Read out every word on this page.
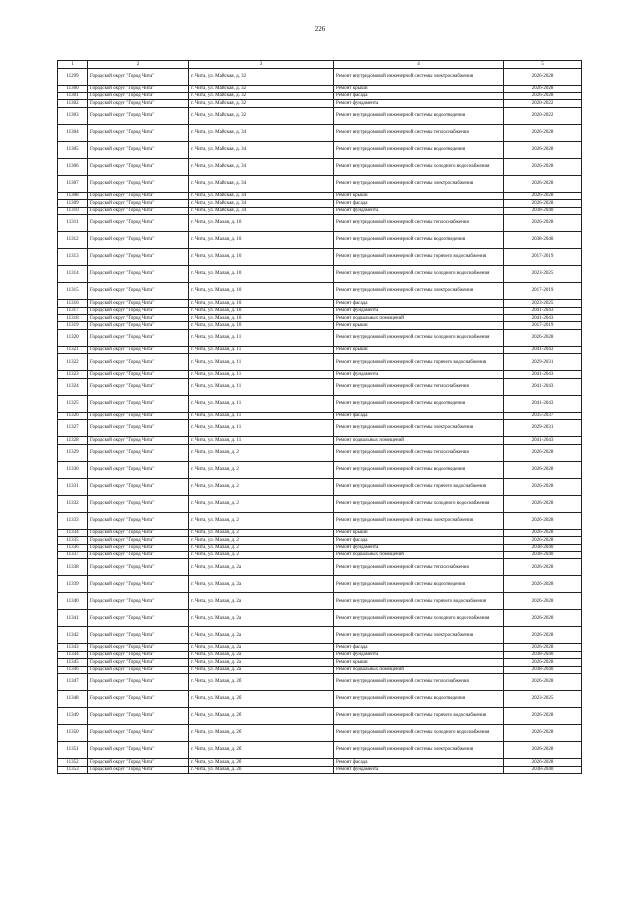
226
1	2	3	4	5
11299	Городской округ "Город Чита"	г. Чита, ул. Майская, д. 32	Ремонт внутридомовой инженерной системы электроснабжения	2026-2028
11300	Городской округ "Город Чита"	г. Чита, ул. Майская, д. 32	Ремонт крыши	2026-2028
11301	Городской округ "Город Чита"	г. Чита, ул. Майская, д. 32	Ремонт фасада	2026-2028
11302	Городской округ "Город Чита"	г. Чита, ул. Майская, д. 32	Ремонт фундамента	2020-2022
11303	Городской округ "Город Чита"	г. Чита, ул. Майская, д. 32	Ремонт внутридомовой инженерной системы водоотведения	2020-2022
11304	Городской округ "Город Чита"	г. Чита, ул. Майская, д. 34	Ремонт внутридомовой инженерной системы теплоснабжения	2026-2028
11305	Городской округ "Город Чита"	г. Чита, ул. Майская, д. 34	Ремонт внутридомовой инженерной системы водоотведения	2026-2028
11306	Городской округ "Город Чита"	г. Чита, ул. Майская, д. 34	Ремонт внутридомовой инженерной системы холодного водоснабжения	2026-2028
11307	Городской округ "Город Чита"	г. Чита, ул. Майская, д. 34	Ремонт внутридомовой инженерной системы электроснабжения	2026-2028
11308	Городской округ "Город Чита"	г. Чита, ул. Майская, д. 34	Ремонт крыши	2026-2028
11309	Городской округ "Город Чита"	г. Чита, ул. Майская, д. 34	Ремонт фасада	2026-2028
11310	Городской округ "Город Чита"	г. Чита, ул. Майская, д. 34	Ремонт фундамента	2038-2040
11311	Городской округ "Город Чита"	г. Чита, ул. Малая, д. 10	Ремонт внутридомовой инженерной системы теплоснабжения	2026-2028
11312	Городской округ "Город Чита"	г. Чита, ул. Малая, д. 10	Ремонт внутридомовой инженерной системы водоотведения	2038-2040
11313	Городской округ "Город Чита"	г. Чита, ул. Малая, д. 10	Ремонт внутридомовой инженерной системы горячего водоснабжения	2017-2019
11314	Городской округ "Город Чита"	г. Чита, ул. Малая, д. 10	Ремонт внутридомовой инженерной системы холодного водоснабжения	2023-2025
11315	Городской округ "Город Чита"	г. Чита, ул. Малая, д. 10	Ремонт внутридомовой инженерной системы электроснабжения	2017-2019
11316	Городской округ "Город Чита"	г. Чита, ул. Малая, д. 10	Ремонт фасада	2023-2025
11317	Городской округ "Город Чита"	г. Чита, ул. Малая, д. 10	Ремонт фундамента	2041-2043
11318	Городской округ "Город Чита"	г. Чита, ул. Малая, д. 10	Ремонт подвальных помещений	2041-2043
11319	Городской округ "Город Чита"	г. Чита, ул. Малая, д. 10	Ремонт крыши	2017-2019
11320	Городской округ "Город Чита"	г. Чита, ул. Малая, д. 11	Ремонт внутридомовой инженерной системы холодного водоснабжения	2026-2028
11321	Городской округ "Город Чита"	г. Чита, ул. Малая, д. 11	Ремонт крыши	2041-2043
11322	Городской округ "Город Чита"	г. Чита, ул. Малая, д. 11	Ремонт внутридомовой инженерной системы горячего водоснабжения	2029-2031
11323	Городской округ "Город Чита"	г. Чита, ул. Малая, д. 11	Ремонт фундамента	2041-2043
11324	Городской округ "Город Чита"	г. Чита, ул. Малая, д. 11	Ремонт внутридомовой инженерной системы теплоснабжения	2041-2043
11325	Городской округ "Город Чита"	г. Чита, ул. Малая, д. 11	Ремонт внутридомовой инженерной системы водоотведения	2041-2043
11326	Городской округ "Город Чита"	г. Чита, ул. Малая, д. 11	Ремонт фасада	2035-2037
11327	Городской округ "Город Чита"	г. Чита, ул. Малая, д. 11	Ремонт внутридомовой инженерной системы электроснабжения	2029-2031
11328	Городской округ "Город Чита"	г. Чита, ул. Малая, д. 11	Ремонт подвальных помещений	2041-2043
11329	Городской округ "Город Чита"	г. Чита, ул. Малая, д. 2	Ремонт внутридомовой инженерной системы теплоснабжения	2026-2028
11330	Городской округ "Город Чита"	г. Чита, ул. Малая, д. 2	Ремонт внутридомовой инженерной системы водоотведения	2026-2028
11331	Городской округ "Город Чита"	г. Чита, ул. Малая, д. 2	Ремонт внутридомовой инженерной системы горячего водоснабжения	2026-2028
11332	Городской округ "Город Чита"	г. Чита, ул. Малая, д. 2	Ремонт внутридомовой инженерной системы холодного водоснабжения	2026-2028
11333	Городской округ "Город Чита"	г. Чита, ул. Малая, д. 2	Ремонт внутридомовой инженерной системы электроснабжения	2026-2028
11334	Городской округ "Город Чита"	г. Чита, ул. Малая, д. 2	Ремонт крыши	2026-2028
11335	Городской округ "Город Чита"	г. Чита, ул. Малая, д. 2	Ремонт фасада	2026-2028
11336	Городской округ "Город Чита"	г. Чита, ул. Малая, д. 2	Ремонт фундамента	2038-2040
11337	Городской округ "Город Чита"	г. Чита, ул. Малая, д. 2	Ремонт подвальных помещений	2038-2040
11338	Городской округ "Город Чита"	г. Чита, ул. Малая, д. 2а	Ремонт внутридомовой инженерной системы теплоснабжения	2026-2028
11339	Городской округ "Город Чита"	г. Чита, ул. Малая, д. 2а	Ремонт внутридомовой инженерной системы водоотведения	2026-2028
11340	Городской округ "Город Чита"	г. Чита, ул. Малая, д. 2а	Ремонт внутридомовой инженерной системы горячего водоснабжения	2026-2028
11341	Городской округ "Город Чита"	г. Чита, ул. Малая, д. 2а	Ремонт внутридомовой инженерной системы холодного водоснабжения	2026-2028
11342	Городской округ "Город Чита"	г. Чита, ул. Малая, д. 2а	Ремонт внутридомовой инженерной системы электроснабжения	2026-2028
11343	Городской округ "Город Чита"	г. Чита, ул. Малая, д. 2а	Ремонт фасада	2026-2028
11344	Городской округ "Город Чита"	г. Чита, ул. Малая, д. 2а	Ремонт фундамента	2038-2040
11345	Городской округ "Город Чита"	г. Чита, ул. Малая, д. 2а	Ремонт крыши	2026-2028
11346	Городской округ "Город Чита"	г. Чита, ул. Малая, д. 2а	Ремонт подвальных помещений	2038-2040
11347	Городской округ "Город Чита"	г. Чита, ул. Малая, д. 2б	Ремонт внутридомовой инженерной системы теплоснабжения	2026-2028
11348	Городской округ "Город Чита"	г. Чита, ул. Малая, д. 2б	Ремонт внутридомовой инженерной системы водоотведения	2023-2025
11349	Городской округ "Город Чита"	г. Чита, ул. Малая, д. 2б	Ремонт внутридомовой инженерной системы горячего водоснабжения	2026-2028
11350	Городской округ "Город Чита"	г. Чита, ул. Малая, д. 2б	Ремонт внутридомовой инженерной системы холодного водоснабжения	2026-2028
11351	Городской округ "Город Чита"	г. Чита, ул. Малая, д. 2б	Ремонт внутридомовой инженерной системы электроснабжения	2026-2028
11352	Городской округ "Город Чита"	г. Чита, ул. Малая, д. 2б	Ремонт фасада	2026-2028
11353	Городской округ "Город Чита"	г. Чита, ул. Малая, д. 2б	Ремонт фундамента	2038-2040
